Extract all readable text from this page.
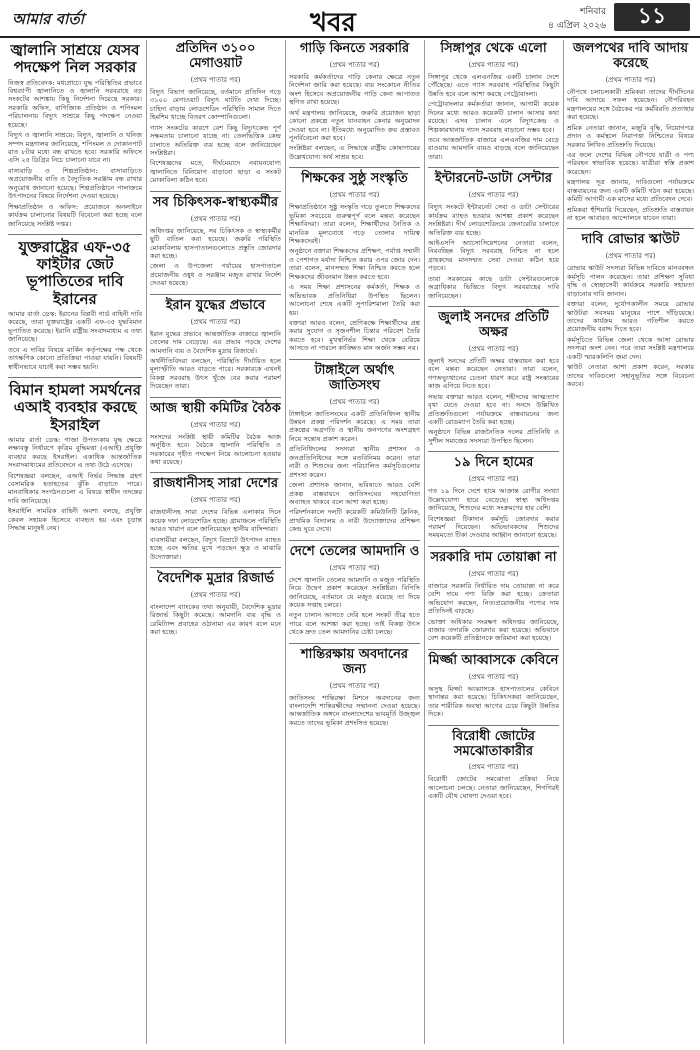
আমার বার্তা	খবর	শনিবার
৪ এপ্রিল ২০২৬	১১
জ্বালানি সাশ্রয়ে যেসব পদক্ষেপ নিল সরকার

নিজস্ব প্রতিবেদক: মধ্যপ্রাচ্যে যুদ্ধ পরিস্থিতির প্রভাবে বিশ্বব্যাপী জ্বালানিতে ও জ্বালানি সরবরাহে বড় সংকটের আশঙ্কায় কিছু নির্দেশনা দিয়েছে সরকার। সরকারি অফিস, বাণিজ্যিক প্রতিষ্ঠান ও শপিংমল পরিচালনায় বিদ্যুৎ সাশ্রয়ে কিছু পদক্ষেপ নেওয়া হয়েছে।

বিদ্যুৎ ও জ্বালানি সাশ্রয়ে: বিদ্যুৎ, জ্বালানি ও খনিজ সম্পদ মন্ত্রণালয় জানিয়েছে, শপিংমল ও দোকানপাট রাত ৮টার মধ্যে বন্ধ রাখতে হবে। সরকারি অফিসে এসি ২৫ ডিগ্রির নিচে চালানো যাবে না।

বাসাবাড়ি ও শিল্পপ্রতিষ্ঠান: বাসাবাড়িতে অপ্রয়োজনীয় বাতি ও বৈদ্যুতিক সরঞ্জাম বন্ধ রাখার অনুরোধ জানানো হয়েছে। শিল্পপ্রতিষ্ঠানে পালাক্রমে উৎপাদনের বিষয়ে নির্দেশনা দেওয়া হয়েছে।

শিক্ষাপ্রতিষ্ঠান ও অফিস: প্রয়োজনে অনলাইনে কার্যক্রম চালানোর বিষয়টি বিবেচনা করা হচ্ছে বলে জানিয়েছে সংশ্লিষ্ট দপ্তর।

যুক্তরাষ্ট্রের এফ-৩৫ ফাইটার জেট ভূপাতিতের দাবি ইরানের

আমার বার্তা ডেস্ক: ইরানের বিপ্লবী গার্ড বাহিনী দাবি করেছে, তারা যুক্তরাষ্ট্রের একটি এফ-৩৫ যুদ্ধবিমান ভূপাতিত করেছে। ইরানি রাষ্ট্রীয় সংবাদমাধ্যম এ তথ্য জানিয়েছে।

তবে এ দাবির বিষয়ে মার্কিন কর্তৃপক্ষের পক্ষ থেকে তাৎক্ষণিক কোনো প্রতিক্রিয়া পাওয়া যায়নি। বিষয়টি স্বাধীনভাবে যাচাই করা সম্ভব হয়নি।

বিমান হামলা সমর্থনের এআই ব্যবহার করছে ইসরাইল

আমার বার্তা ডেস্ক: গাজা উপত্যকায় যুদ্ধ ক্ষেত্রে লক্ষ্যবস্তু নির্ধারণে কৃত্রিম বুদ্ধিমত্তা (এআই) প্রযুক্তি ব্যবহার করছে ইসরাইল। একাধিক আন্তর্জাতিক সংবাদমাধ্যমের প্রতিবেদনে এ তথ্য উঠে এসেছে।

বিশেষজ্ঞরা বলছেন, এআই নির্ভর সিদ্ধান্ত গ্রহণ বেসামরিক হতাহতের ঝুঁকি বাড়াতে পারে। মানবাধিকার সংগঠনগুলো এ বিষয়ে স্বাধীন তদন্তের দাবি জানিয়েছে।

ইসরাইলি সামরিক বাহিনী অবশ্য বলছে, প্রযুক্তি কেবল সহায়ক হিসেবে ব্যবহৃত হয় এবং চূড়ান্ত সিদ্ধান্ত মানুষই নেয়।

প্রতিদিন ৩১০০ মেগাওয়াট
(প্রথম পাতার পর)

বিদ্যুৎ বিভাগ জানিয়েছে, বর্তমানে প্রতিদিন গড়ে ৩১০০ মেগাওয়াট বিদ্যুৎ ঘাটতি দেখা দিচ্ছে। চাহিদা বাড়ায় লোডশেডিং পরিস্থিতি সামাল দিতে হিমশিম খাচ্ছে বিতরণ কোম্পানিগুলো।

গ্যাস সংকটের কারণে বেশ কিছু বিদ্যুৎকেন্দ্র পূর্ণ সক্ষমতায় চালানো যাচ্ছে না। তেলভিত্তিক কেন্দ্র চালাতে অতিরিক্ত ব্যয় হচ্ছে বলে জানিয়েছেন সংশ্লিষ্টরা।

বিশেষজ্ঞদের মতে, দীর্ঘমেয়াদে নবায়নযোগ্য জ্বালানিতে বিনিয়োগ বাড়ানো ছাড়া এ সংকট মোকাবিলা কঠিন হবে।

সব চিকিৎসক-স্বাস্থ্যকর্মীর
(প্রথম পাতার পর)

অধিদপ্তর জানিয়েছে, সব চিকিৎসক ও স্বাস্থ্যকর্মীর ছুটি বাতিল করা হয়েছে। জরুরি পরিস্থিতি মোকাবিলায় হাসপাতালগুলোতে প্রস্তুতি জোরদার করা হচ্ছে।

জেলা ও উপজেলা পর্যায়ের হাসপাতালে প্রয়োজনীয় ওষুধ ও সরঞ্জাম মজুত রাখার নির্দেশ দেওয়া হয়েছে।

ইরান যুদ্ধের প্রভাবে
(প্রথম পাতার পর)

ইরান যুদ্ধের প্রভাবে আন্তর্জাতিক বাজারে জ্বালানি তেলের দাম বেড়েছে। এর প্রভাব পড়ছে দেশের আমদানি ব্যয় ও বৈদেশিক মুদ্রার রিজার্ভে।

অর্থনীতিবিদরা বলছেন, পরিস্থিতি দীর্ঘায়িত হলে মূল্যস্ফীতি আরও বাড়তে পারে। সরকারকে এখনই বিকল্প সরবরাহ উৎস খুঁজে বের করার পরামর্শ দিয়েছেন তারা।

আজ স্থায়ী কমিটির বৈঠক
(প্রথম পাতার পর)

সংসদের সংশ্লিষ্ট স্থায়ী কমিটির বৈঠক আজ অনুষ্ঠিত হবে। বৈঠকে জ্বালানি পরিস্থিতি ও সরকারের গৃহীত পদক্ষেপ নিয়ে আলোচনা হওয়ার কথা রয়েছে।

রাজধানীসহ সারা দেশের
(প্রথম পাতার পর)

রাজধানীসহ সারা দেশের বিভিন্ন এলাকায় দিনে কয়েক দফা লোডশেডিং হচ্ছে। গ্রামাঞ্চলে পরিস্থিতি আরও খারাপ বলে জানিয়েছেন স্থানীয় বাসিন্দারা।

ব্যবসায়ীরা বলছেন, বিদ্যুৎ বিভ্রাটে উৎপাদন ব্যাহত হচ্ছে এবং ক্ষতির মুখে পড়ছেন ক্ষুদ্র ও মাঝারি উদ্যোক্তারা।

বৈদেশিক মুদ্রার রিজার্ভ
(প্রথম পাতার পর)

বাংলাদেশ ব্যাংকের তথ্য অনুযায়ী, বৈদেশিক মুদ্রার রিজার্ভ কিছুটা কমেছে। আমদানি ব্যয় বৃদ্ধি ও রেমিট্যান্স প্রবাহের ওঠানামা এর কারণ বলে মনে করা হচ্ছে।

গাড়ি কিনতে সরকারি
(প্রথম পাতার পর)

সরকারি কর্মকর্তাদের গাড়ি কেনার ক্ষেত্রে নতুন নির্দেশনা জারি করা হয়েছে। ব্যয় সংকোচন নীতির অংশ হিসেবে অপ্রয়োজনীয় গাড়ি কেনা আপাতত স্থগিত রাখা হয়েছে।

অর্থ মন্ত্রণালয় জানিয়েছে, জরুরি প্রয়োজন ছাড়া কোনো প্রকল্পে নতুন যানবাহন কেনার অনুমোদন দেওয়া হবে না। ইতিমধ্যে অনুমোদিত ক্রয় প্রস্তাবও পুনর্বিবেচনা করা হবে।

সংশ্লিষ্টরা বলছেন, এ সিদ্ধান্তে রাষ্ট্রীয় কোষাগারের উল্লেখযোগ্য অর্থ সাশ্রয় হবে।

শিক্ষকের সুষ্ঠু সংস্কৃতি
(প্রথম পাতার পর)

শিক্ষাপ্রতিষ্ঠানে সুষ্ঠু সংস্কৃতি গড়ে তুলতে শিক্ষকদের ভূমিকা সবচেয়ে গুরুত্বপূর্ণ বলে মন্তব্য করেছেন শিক্ষাবিদরা। তারা বলেন, শিক্ষার্থীদের নৈতিক ও মানবিক মূল্যবোধে গড়ে তোলার দায়িত্ব শিক্ষকদেরই।

অনুষ্ঠানে বক্তারা শিক্ষকদের প্রশিক্ষণ, পর্যাপ্ত সম্মানী ও পেশাগত মর্যাদা নিশ্চিত করার ওপর জোর দেন। তারা বলেন, মানসম্মত শিক্ষা নিশ্চিত করতে হলে শিক্ষকদের জীবনমান উন্নত করতে হবে।

এ সময় শিক্ষা প্রশাসনের কর্মকর্তা, শিক্ষক ও অভিভাবক প্রতিনিধিরা উপস্থিত ছিলেন। আলোচনা শেষে একটি সুপারিশমালা তৈরি করা হয়।

বক্তারা আরও বলেন, শ্রেণিকক্ষে শিক্ষার্থীদের প্রশ্ন করার সুযোগ ও সৃজনশীল চিন্তার পরিবেশ তৈরি করতে হবে। মুখস্থনির্ভর শিক্ষা থেকে বেরিয়ে আসতে না পারলে কাঙ্ক্ষিত মান অর্জন সম্ভব নয়।

টাঙ্গাইলে অর্থাৎ জাতিসংঘ
(প্রথম পাতার পর)

টাঙ্গাইলে জাতিসংঘের একটি প্রতিনিধিদল স্থানীয় উন্নয়ন প্রকল্প পরিদর্শন করেছে। এ সময় তারা প্রকল্পের অগ্রগতি ও স্থানীয় জনগণের অংশগ্রহণ নিয়ে সন্তোষ প্রকাশ করেন।

প্রতিনিধিদলের সদস্যরা স্থানীয় প্রশাসন ও জনপ্রতিনিধিদের সঙ্গে মতবিনিময় করেন। তারা নারী ও শিশুদের জন্য পরিচালিত কর্মসূচিগুলোর প্রশংসা করেন।

জেলা প্রশাসক জানান, ভবিষ্যতে আরও বেশি প্রকল্প বাস্তবায়নে জাতিসংঘের সহযোগিতা অব্যাহত থাকবে বলে আশা করা হচ্ছে।

পরিদর্শনকালে দলটি কয়েকটি কমিউনিটি ক্লিনিক, প্রাথমিক বিদ্যালয় ও নারী উদ্যোক্তাদের প্রশিক্ষণ কেন্দ্র ঘুরে দেখে।

দেশে তেলের আমদানি ও
(প্রথম পাতার পর)

দেশে জ্বালানি তেলের আমদানি ও মজুত পরিস্থিতি নিয়ে উদ্বেগ প্রকাশ করেছেন সংশ্লিষ্টরা। বিপিসি জানিয়েছে, বর্তমানে যে মজুত রয়েছে তা দিয়ে কয়েক সপ্তাহ চলবে।

নতুন চালান আসতে দেরি হলে সংকট তীব্র হতে পারে বলে আশঙ্কা করা হচ্ছে। তাই বিকল্প উৎস থেকে দ্রুত তেল আমদানির চেষ্টা চলছে।

শান্তিরক্ষায় অবদানের জন্য
(প্রথম পাতার পর)

জাতিসংঘ শান্তিরক্ষা মিশনে অবদানের জন্য বাংলাদেশি শান্তিরক্ষীদের সম্মাননা দেওয়া হয়েছে। আন্তর্জাতিক অঙ্গনে বাংলাদেশের ভাবমূর্তি উজ্জ্বল করতে তাদের ভূমিকা প্রশংসিত হয়েছে।

সিঙ্গাপুর থেকে এলো
(প্রথম পাতার পর)

সিঙ্গাপুর থেকে এলএনজির একটি চালান দেশে পৌঁছেছে। এতে গ্যাস সরবরাহ পরিস্থিতির কিছুটা উন্নতি হবে বলে আশা করছে পেট্রোবাংলা।

পেট্রোবাংলার কর্মকর্তারা জানান, আগামী কয়েক দিনের মধ্যে আরও কয়েকটি চালান আসার কথা রয়েছে। এসব চালান এলে বিদ্যুৎকেন্দ্র ও শিল্পকারখানায় গ্যাস সরবরাহ বাড়ানো সম্ভব হবে।

তবে আন্তর্জাতিক বাজারে এলএনজির দাম বেড়ে যাওয়ায় আমদানি ব্যয়ও বাড়ছে বলে জানিয়েছেন তারা।

ইন্টারনেট-ডাটা সেন্টার
(প্রথম পাতার পর)

বিদ্যুৎ সংকটে ইন্টারনেট সেবা ও ডাটা সেন্টারের কার্যক্রম ব্যাহত হওয়ার আশঙ্কা প্রকাশ করেছেন সংশ্লিষ্টরা। দীর্ঘ লোডশেডিংয়ে জেনারেটর চালাতে অতিরিক্ত ব্যয় হচ্ছে।

আইএসপি অ্যাসোসিয়েশনের নেতারা বলেন, নিরবচ্ছিন্ন বিদ্যুৎ সরবরাহ নিশ্চিত না হলে গ্রাহকদের মানসম্মত সেবা দেওয়া কঠিন হয়ে পড়বে।

তারা সরকারের কাছে ডাটা সেন্টারগুলোকে অগ্রাধিকার ভিত্তিতে বিদ্যুৎ সরবরাহের দাবি জানিয়েছেন।

জুলাই সনদের প্রতিটি অক্ষর
(প্রথম পাতার পর)

জুলাই সনদের প্রতিটি অক্ষর বাস্তবায়ন করা হবে বলে মন্তব্য করেছেন নেতারা। তারা বলেন, গণঅভ্যুত্থানের চেতনা ধারণ করে রাষ্ট্র সংস্কারের কাজ এগিয়ে নিতে হবে।

সভায় বক্তারা আরও বলেন, শহীদদের আত্মত্যাগ বৃথা যেতে দেওয়া হবে না। সনদে উল্লিখিত প্রতিশ্রুতিগুলো পর্যায়ক্রমে বাস্তবায়নের জন্য একটি রোডম্যাপ তৈরি করা হচ্ছে।

অনুষ্ঠানে বিভিন্ন রাজনৈতিক দলের প্রতিনিধি ও সুশীল সমাজের সদস্যরা উপস্থিত ছিলেন।

১৯ দিনে হামের
(প্রথম পাতার পর)

গত ১৯ দিনে দেশে হামে আক্রান্ত রোগীর সংখ্যা উল্লেখযোগ্য হারে বেড়েছে। স্বাস্থ্য অধিদপ্তর জানিয়েছে, শিশুদের মধ্যে সংক্রমণের হার বেশি।

বিশেষজ্ঞরা টিকাদান কর্মসূচি জোরদার করার পরামর্শ দিয়েছেন। অভিভাবকদের শিশুদের সময়মতো টিকা দেওয়ার আহ্বান জানানো হয়েছে।

সরকারি দাম তোয়াক্কা না
(প্রথম পাতার পর)

বাজারে সরকারি নির্ধারিত দাম তোয়াক্কা না করে বেশি দামে পণ্য বিক্রি করা হচ্ছে। ক্রেতারা অভিযোগ করছেন, নিত্যপ্রয়োজনীয় পণ্যের দাম প্রতিদিনই বাড়ছে।

ভোক্তা অধিকার সংরক্ষণ অধিদপ্তর জানিয়েছে, বাজার তদারকি জোরদার করা হয়েছে। অভিযানে বেশ কয়েকটি প্রতিষ্ঠানকে জরিমানা করা হয়েছে।

মির্জ্জা আব্বাসকে কেবিনে
(প্রথম পাতার পর)

অসুস্থ মির্জ্জা আব্বাসকে হাসপাতালের কেবিনে স্থানান্তর করা হয়েছে। চিকিৎসকরা জানিয়েছেন, তার শারীরিক অবস্থা আগের চেয়ে কিছুটা উন্নতির দিকে।

বিরোধী জোটের সমঝোতাকারীর
(প্রথম পাতার পর)

বিরোধী জোটের সমঝোতা প্রক্রিয়া নিয়ে আলোচনা চলছে। নেতারা জানিয়েছেন, শিগগিরই একটি যৌথ ঘোষণা দেওয়া হবে।

জলপথের দাবি আদায় করেছে
(প্রথম পাতার পর)

নৌপথে চলাচলকারী শ্রমিকরা তাদের দীর্ঘদিনের দাবি আদায়ে সফল হয়েছেন। নৌপরিবহন মন্ত্রণালয়ের সঙ্গে বৈঠকের পর কর্মবিরতি প্রত্যাহার করা হয়েছে।

শ্রমিক নেতারা জানান, মজুরি বৃদ্ধি, নিয়োগপত্র প্রদান ও কর্মস্থলে নিরাপত্তা নিশ্চিতের বিষয়ে সরকার লিখিত প্রতিশ্রুতি দিয়েছে।

এর ফলে দেশের বিভিন্ন নৌপথে যাত্রী ও পণ্য পরিবহন স্বাভাবিক হয়েছে। যাত্রীরা স্বস্তি প্রকাশ করেছেন।

মন্ত্রণালয় সূত্র জানায়, দাবিগুলো পর্যায়ক্রমে বাস্তবায়নের জন্য একটি কমিটি গঠন করা হয়েছে। কমিটি আগামী এক মাসের মধ্যে প্রতিবেদন দেবে।

শ্রমিকরা হুঁশিয়ারি দিয়েছেন, প্রতিশ্রুতি বাস্তবায়ন না হলে আবারও আন্দোলনে যাবেন তারা।

দাবি রোভার স্কাউট
(প্রথম পাতার পর)

রোভার স্কাউট সদস্যরা বিভিন্ন দাবিতে মানববন্ধন কর্মসূচি পালন করেছেন। তারা প্রশিক্ষণ সুবিধা বৃদ্ধি ও স্বেচ্ছাসেবী কার্যক্রমে সরকারি সহায়তা বাড়ানোর দাবি জানান।

বক্তারা বলেন, দুর্যোগকালীন সময়ে রোভার স্কাউটরা সবসময় মানুষের পাশে দাঁড়িয়েছে। তাদের কার্যক্রম আরও গতিশীল করতে প্রয়োজনীয় বরাদ্দ দিতে হবে।

কর্মসূচিতে বিভিন্ন জেলা থেকে আসা রোভার সদস্যরা অংশ নেন। পরে তারা সংশ্লিষ্ট মন্ত্রণালয়ে একটি স্মারকলিপি জমা দেন।

স্কাউট নেতারা আশা প্রকাশ করেন, সরকার তাদের দাবিগুলো সহানুভূতির সঙ্গে বিবেচনা করবে।
